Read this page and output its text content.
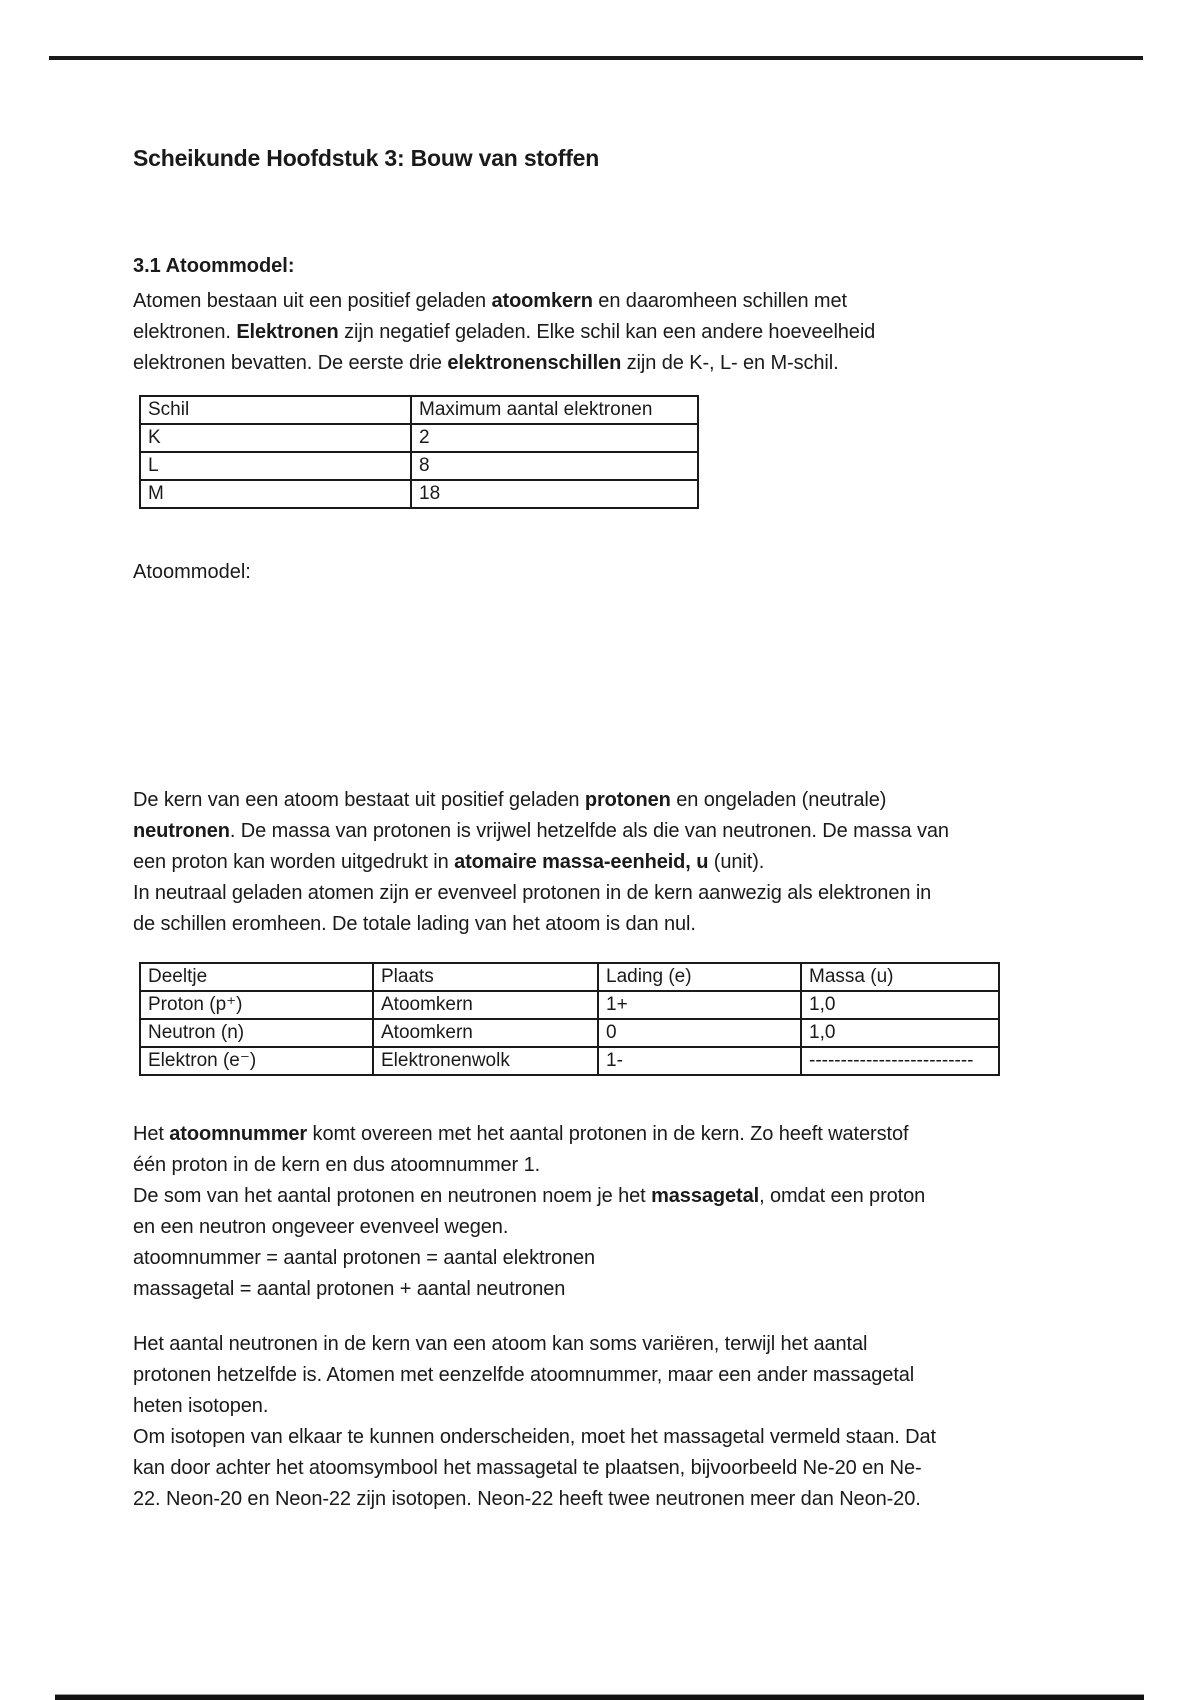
Scheikunde Hoofdstuk 3: Bouw van stoffen
3.1 Atoommodel:
Atomen bestaan uit een positief geladen atoomkern en daaromheen schillen met
elektronen. Elektronen zijn negatief geladen. Elke schil kan een andere hoeveelheid
elektronen bevatten. De eerste drie elektronenschillen zijn de K-, L- en M-schil.
Schil	Maximum aantal elektronen
K	2
L	8
M	18
Atoommodel:
De kern van een atoom bestaat uit positief geladen protonen en ongeladen (neutrale)
neutronen. De massa van protonen is vrijwel hetzelfde als die van neutronen. De massa van
een proton kan worden uitgedrukt in atomaire massa-eenheid, u (unit).
In neutraal geladen atomen zijn er evenveel protonen in de kern aanwezig als elektronen in
de schillen eromheen. De totale lading van het atoom is dan nul.
Deeltje	Plaats	Lading (e)	Massa (u)
Proton (p⁺)	Atoomkern	1+	1,0
Neutron (n)	Atoomkern	0	1,0
Elektron (e⁻)	Elektronenwolk	1-	--------------------------
Het atoomnummer komt overeen met het aantal protonen in de kern. Zo heeft waterstof
één proton in de kern en dus atoomnummer 1.
De som van het aantal protonen en neutronen noem je het massagetal, omdat een proton
en een neutron ongeveer evenveel wegen.
atoomnummer = aantal protonen = aantal elektronen
massagetal = aantal protonen + aantal neutronen
Het aantal neutronen in de kern van een atoom kan soms variëren, terwijl het aantal
protonen hetzelfde is. Atomen met eenzelfde atoomnummer, maar een ander massagetal
heten isotopen.
Om isotopen van elkaar te kunnen onderscheiden, moet het massagetal vermeld staan. Dat
kan door achter het atoomsymbool het massagetal te plaatsen, bijvoorbeeld Ne-20 en Ne-
22. Neon-20 en Neon-22 zijn isotopen. Neon-22 heeft twee neutronen meer dan Neon-20.
